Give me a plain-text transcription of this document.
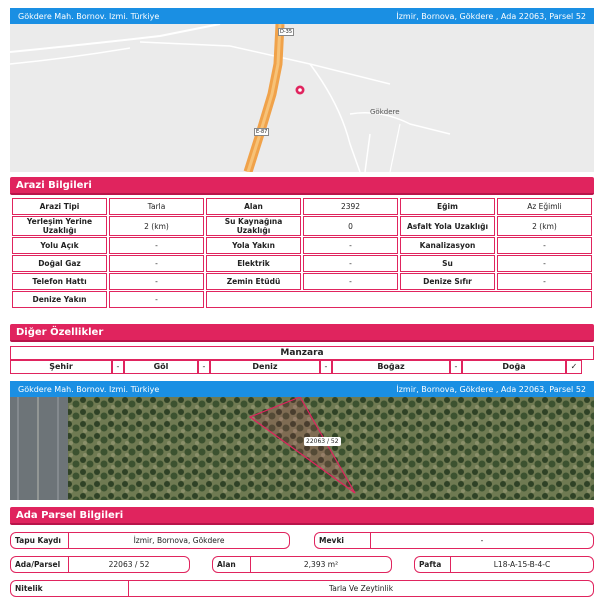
Gökdere Mah. Bornov. Izmi. Türkiye	İzmir, Bornova, Gökdere , Ada 22063, Parsel 52
Gökdere
D-35
E-87
Arazi Bilgileri
Arazi Tipi	Tarla	Alan	2392	Eğim	Az Eğimli
Yerleşim Yerine Uzaklığı	2 (km)	Su Kaynağına Uzaklığı	0	Asfalt Yola Uzaklığı	2 (km)
Yolu Açık	-	Yola Yakın	-	Kanalizasyon	-
Doğal Gaz	-	Elektrik	-	Su	-
Telefon Hattı	-	Zemin Etüdü	-	Denize Sıfır	-
Denize Yakın	-				
Diğer Özellikler
Manzara
Şehir	-	Göl	-	Deniz	-	Boğaz	-	Doğa	✓
Gökdere Mah. Bornov. Izmi. Türkiye	İzmir, Bornova, Gökdere , Ada 22063, Parsel 52
22063 / 52
Ada Parsel Bilgileri
Tapu Kaydı	İzmir, Bornova, Gökdere	Mevki	-
Ada/Parsel	22063 / 52	Alan	2,393 m²	Pafta	L18-A-15-B-4-C
Nitelik	Tarla Ve Zeytinlik
